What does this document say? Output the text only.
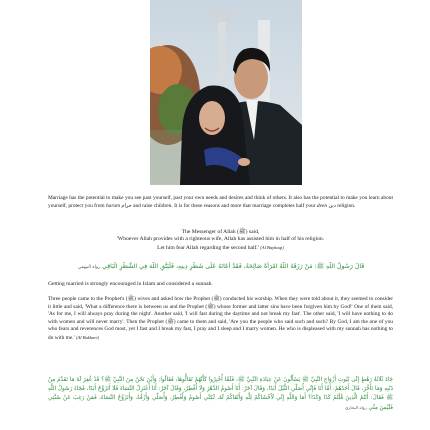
Marriage has the potential to make you see past yourself, past your own needs and desires and think of others. It also has the potential to make you learn about yourself, protect you from haram حرام and raise children. It is for these reasons and more that marriage completes half your deen دين religion.
The Messenger of Allah (ﷺ) said,
'Whoever Allah provides with a righteous wife, Allah has assisted him in half of his religion.
Let him fear Allah regarding the second half.' (Al Bayhaqi)
قَالَ رَسُولُ اللَّهِ ﷺ: مَنْ رَزَقَهُ اللَّهُ امْرَأَةً صَالِحَةً، فَقَدْ أَعَانَهُ عَلَى شَطْرِ دِينِهِ، فَلْيَتَّقِ اللَّهَ فِي الشَّطْرِ الْبَاقِي رواه البيهقي
Getting married is strongly encouraged in Islam and considered a sunnah.
Three people came to the Prophet's (ﷺ) wives and asked how the Prophet (ﷺ) conducted his worship. When they were told about it, they seemed to consider it little and said, 'What a difference there is between us and the Prophet (ﷺ) whose former and latter sins have been forgiven him by God!' One of them said, 'As for me, I will always pray during the night'. Another said, 'I will fast during the daytime and not break my fast'. The other said, 'I will have nothing to do with women and will never marry'. Then the Prophet (ﷺ) came to them and said, 'Are you the people who said such and such? By God, I am the one of you who fears and reverences God most, yet I fast and I break my fast, I pray and I sleep and I marry women. He who is displeased with my sunnah has nothing to do with me.' (Al Bukhari)
جَاءَ ثَلَاثَةُ رَهْطٍ إِلَى بُيُوتِ أَزْوَاجِ النَّبِيِّ ﷺ يَسْأَلُونَ عَنْ عِبَادَةِ النَّبِيِّ ﷺ، فَلَمَّا أُخْبِرُوا كَأَنَّهُمْ تَقَالُّوهَا، فَقَالُوا: وَأَيْنَ نَحْنُ مِنَ النَّبِيِّ ﷺ؟ قَدْ غُفِرَ لَهُ مَا تَقَدَّمَ مِنْ ذَنْبِهِ وَمَا تَأَخَّرَ، قَالَ أَحَدُهُمْ: أَمَّا أَنَا فَإِنِّي أُصَلِّي اللَّيْلَ أَبَدًا، وَقَالَ آخَرُ: أَنَا أَصُومُ الدَّهْرَ وَلَا أُفْطِرُ، وَقَالَ آخَرُ: أَنَا أَعْتَزِلُ النِّسَاءَ فَلَا أَتَزَوَّجُ أَبَدًا، فَجَاءَ رَسُولُ اللَّهِ ﷺ فَقَالَ: أَنْتُمُ الَّذِينَ قُلْتُمْ كَذَا وَكَذَا؟ أَمَا وَاللَّهِ إِنِّي لَأَخْشَاكُمْ لِلَّهِ وَأَتْقَاكُمْ لَهُ، لَكِنِّي أَصُومُ وَأُفْطِرُ، وَأُصَلِّي وَأَرْقُدُ، وَأَتَزَوَّجُ النِّسَاءَ، فَمَنْ رَغِبَ عَنْ سُنَّتِي فَلَيْسَ مِنِّي رواه البخاري
